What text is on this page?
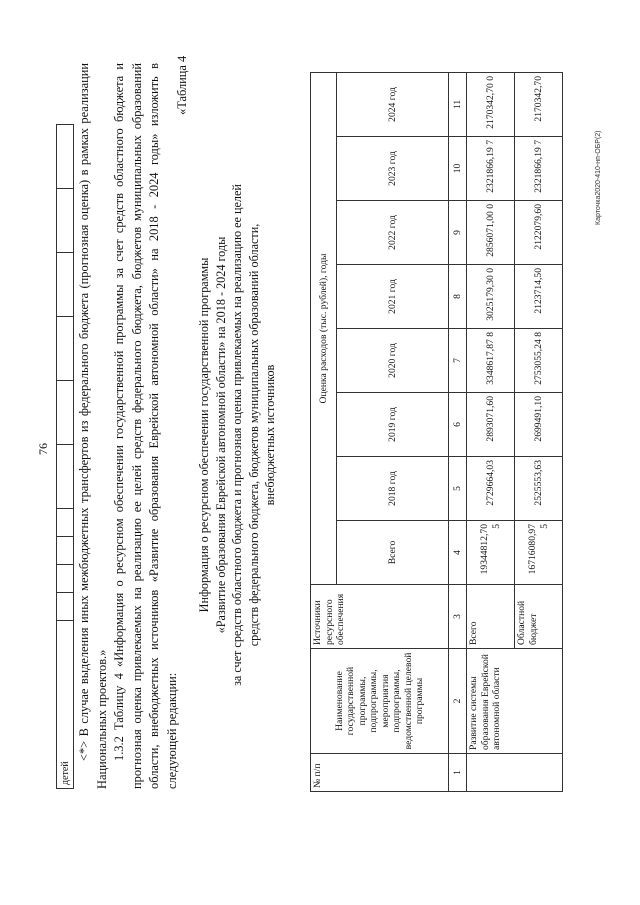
76
детей										

<*> В случае выделения иных межбюджетных трансфертов из федерального бюджета (прогнозная оценка) в рамках реализации Национальных проектов.» 1.3.2 Таблицу 4 «Информация о ресурсном обеспечении государственной программы за счет средств областного бюджета и прогнозная оценка привлекаемых на реализацию ее целей средств федерального бюджета, бюджетов муниципальных образований области, внебюджетных источников «Развитие образования Еврейской автономной области» на 2018 - 2024 годы» изложить в следующей редакции:

«Таблица 4
Информация о ресурсном обеспечении государственной программы «Развитие образования Еврейской автономной области» на 2018 - 2024 годы за счет средств областного бюджета и прогнозная оценка привлекаемых на реализацию ее целей средств федерального бюджета, бюджетов муниципальных образований области, внебюджетных источников
№ п/п	Наименование государственной программы, подпрограммы, мероприятия подпрограммы, ведомственной целевой программы	Источники ресурсного обеспечения	Оценка расходов (тыс. рублей), годы							
			Всего	2018 год	2019 год	2020 год	2021 год	2022 год	2023 год	2024 год
1	2	3	4	5	6	7	8	9	10	11
	Развитие системы образования Еврейской автономной области	Всего	19344812,70 5	2729664,03	2893071,60	3348617,87 8	3025179,30 0	2856071,00 0	2321866,19 7	2170342,70 0
		Областной бюджет	16716080,97 5	2525553,63	2699491,10	2753055,24 8	2123714,50	2122079,60	2321866,19 7	2170342,70
Карточка2020-410-нп-ОБР(2)
